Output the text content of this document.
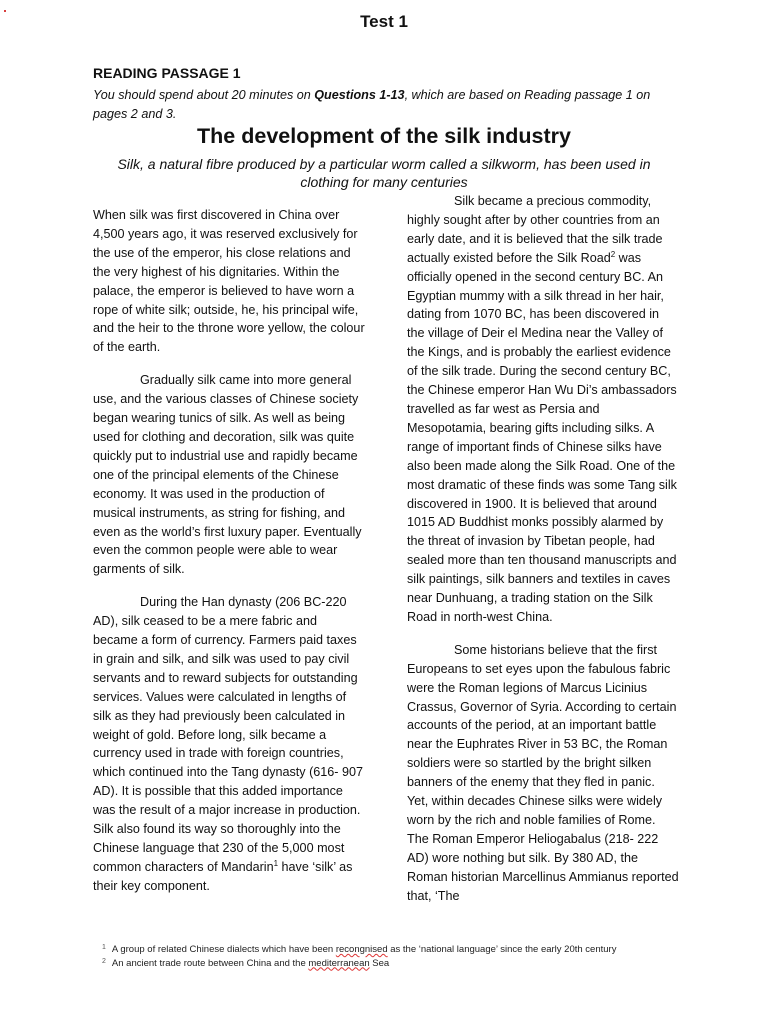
Test 1
READING PASSAGE 1
You should spend about 20 minutes on Questions 1-13, which are based on Reading passage 1 on pages 2 and 3.
The development of the silk industry
Silk, a natural fibre produced by a particular worm called a silkworm, has been used in clothing for many centuries

When silk was first discovered in China over 4,500 years ago, it was reserved exclusively for the use of the emperor, his close relations and the very highest of his dignitaries. Within the palace, the emperor is believed to have worn a rope of white silk; outside, he, his principal wife, and the heir to the throne wore yellow, the colour of the earth.

Gradually silk came into more general use, and the various classes of Chinese society began wearing tunics of silk. As well as being used for clothing and decoration, silk was quite quickly put to industrial use and rapidly became one of the principal elements of the Chinese economy. It was used in the production of musical instruments, as string for fishing, and even as the world’s first luxury paper. Eventually even the common people were able to wear garments of silk.

During the Han dynasty (206 BC-220 AD), silk ceased to be a mere fabric and became a form of currency. Farmers paid taxes in grain and silk, and silk was used to pay civil servants and to reward subjects for outstanding services. Values were calculated in lengths of silk as they had previously been calculated in weight of gold. Before long, silk became a currency used in trade with foreign countries, which continued into the Tang dynasty (616- 907 AD). It is possible that this added importance was the result of a major increase in production. Silk also found its way so thoroughly into the Chinese language that 230 of the 5,000 most common characters of Mandarin$^1$ have ‘silk’ as their key component.

Silk became a precious commodity, highly sought after by other countries from an early date, and it is believed that the silk trade actually existed before the Silk Road$^2$ was officially opened in the second century BC. An Egyptian mummy with a silk thread in her hair, dating from 1070 BC, has been discovered in the village of Deir el Medina near the Valley of the Kings, and is probably the earliest evidence of the silk trade. During the second century BC, the Chinese emperor Han Wu Di’s ambassadors travelled as far west as Persia and Mesopotamia, bearing gifts including silks. A range of important finds of Chinese silks have also been made along the Silk Road. One of the most dramatic of these finds was some Tang silk discovered in 1900. It is believed that around 1015 AD Buddhist monks possibly alarmed by the threat of invasion by Tibetan people, had sealed more than ten thousand manuscripts and silk paintings, silk banners and textiles in caves near Dunhuang, a trading station on the Silk Road in north-west China.

Some historians believe that the first Europeans to set eyes upon the fabulous fabric were the Roman legions of Marcus Licinius Crassus, Governor of Syria. According to certain accounts of the period, at an important battle near the Euphrates River in 53 BC, the Roman soldiers were so startled by the bright silken banners of the enemy that they fled in panic. Yet, within decades Chinese silks were widely worn by the rich and noble families of Rome. The Roman Emperor Heliogabalus (218- 222 AD) wore nothing but silk. By 380 AD, the Roman historian Marcellinus Ammianus reported that, ‘The

$^1$ A group of related Chinese dialects which have been recongnised as the ‘national language’ since the early 20th century
$^2$ An ancient trade route between China and the mediterranean Sea
